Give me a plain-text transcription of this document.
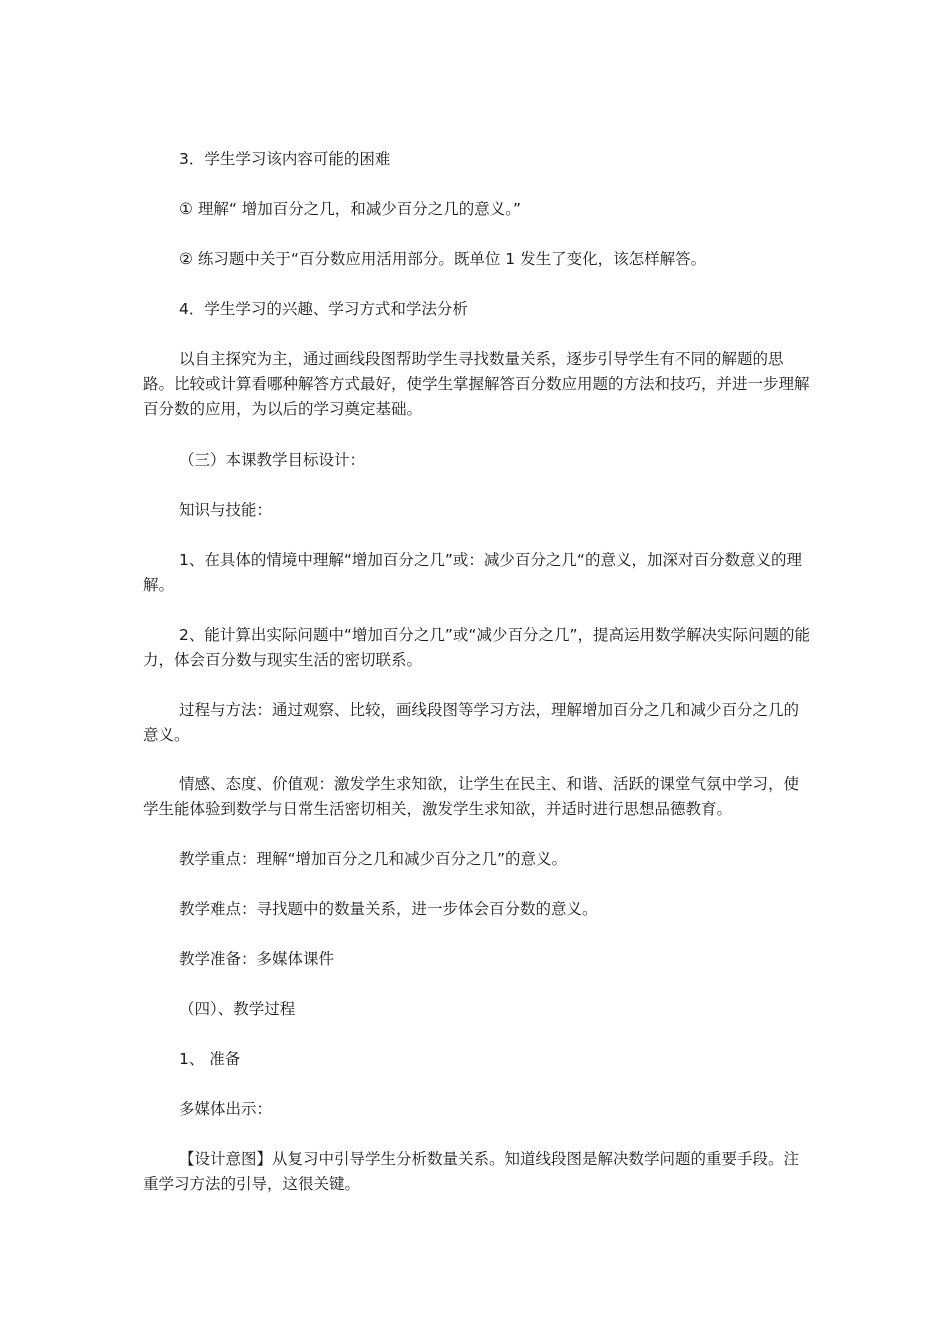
3．学生学习该内容可能的困难

① 理解“ 增加百分之几，和减少百分之几的意义。”

② 练习题中关于“百分数应用活用部分。既单位 1 发生了变化，该怎样解答。

4．学生学习的兴趣、学习方式和学法分析

以自主探究为主，通过画线段图帮助学生寻找数量关系，逐步引导学生有不同的解题的思路。比较或计算看哪种解答方式最好，使学生掌握解答百分数应用题的方法和技巧，并进一步理解百分数的应用，为以后的学习奠定基础。

（三）本课教学目标设计：

知识与技能：

1、在具体的情境中理解“增加百分之几”或：减少百分之几“的意义，加深对百分数意义的理解。

2、能计算出实际问题中“增加百分之几”或“减少百分之几”，提高运用数学解决实际问题的能力，体会百分数与现实生活的密切联系。

过程与方法：通过观察、比较，画线段图等学习方法，理解增加百分之几和减少百分之几的意义。

情感、态度、价值观：激发学生求知欲，让学生在民主、和谐、活跃的课堂气氛中学习，使学生能体验到数学与日常生活密切相关，激发学生求知欲，并适时进行思想品德教育。

教学重点：理解“增加百分之几和减少百分之几”的意义。

教学难点：寻找题中的数量关系，进一步体会百分数的意义。

教学准备：多媒体课件

（四）、教学过程

1、 准备

多媒体出示：

【设计意图】从复习中引导学生分析数量关系。知道线段图是解决数学问题的重要手段。注重学习方法的引导，这很关键。
